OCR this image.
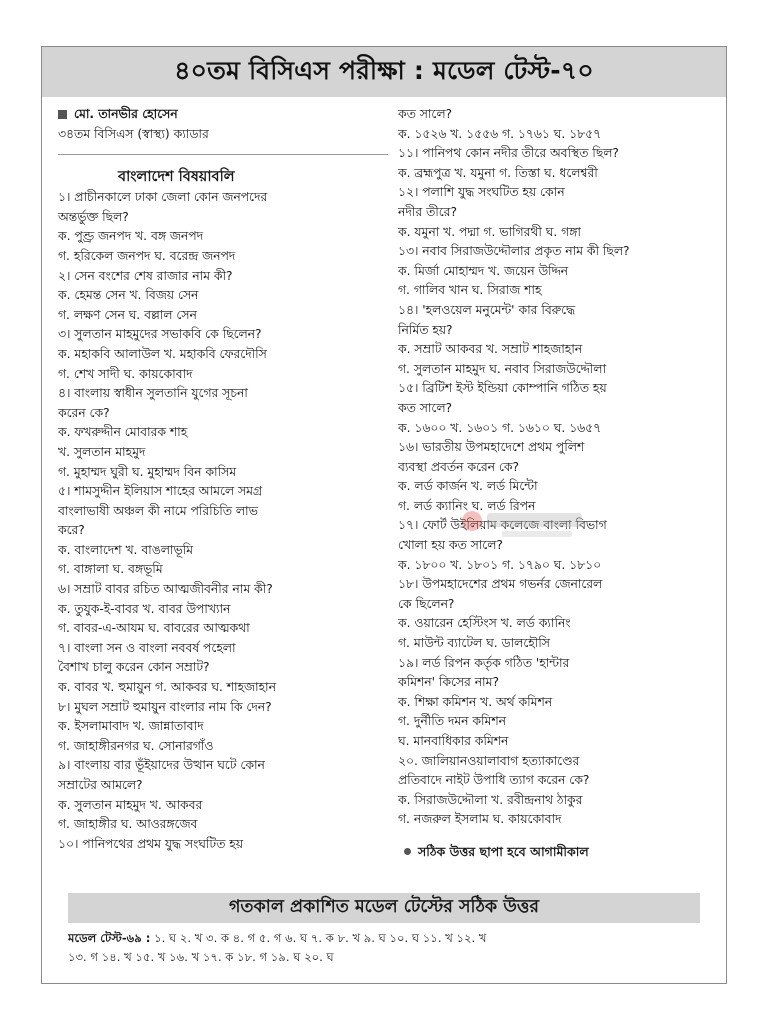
৪০তম বিসিএস পরীক্ষা : মডেল টেস্ট-৭০
মো. তানভীর হোসেন
৩৪তম বিসিএস (স্বাস্থ্য) ক্যাডার
বাংলাদেশ বিষয়াবলি
১। প্রাচীনকালে ঢাকা জেলা কোন জনপদের
অন্তর্ভুক্ত ছিল?
ক. পুণ্ড্র জনপদ খ. বঙ্গ জনপদ
গ. হরিকেল জনপদ ঘ. বরেন্দ্র জনপদ
২। সেন বংশের শেষ রাজার নাম কী?
ক. হেমন্ত সেন খ. বিজয় সেন
গ. লক্ষণ সেন ঘ. বল্লাল সেন
৩। সুলতান মাহমুদের সভাকবি কে ছিলেন?
ক. মহাকবি আলাউল খ. মহাকবি ফেরদৌসি
গ. শেখ সাদী ঘ. কায়কোবাদ
৪। বাংলায় স্বাধীন সুলতানি যুগের সূচনা
করেন কে?
ক. ফখরুদ্দীন মোবারক শাহ
খ. সুলতান মাহমুদ
গ. মুহাম্মদ ঘুরী ঘ. মুহাম্মদ বিন কাসিম
৫। শামসুদ্দীন ইলিয়াস শাহের আমলে সমগ্র
বাংলাভাষী অঞ্চল কী নামে পরিচিতি লাভ
করে?
ক. বাংলাদেশ খ. বাঙলাভূমি
গ. বাঙ্গালা ঘ. বঙ্গভূমি
৬। সম্রাট বাবর রচিত আত্মজীবনীর নাম কী?
ক. তুযুক-ই-বাবর খ. বাবর উপাখ্যান
গ. বাবর-এ-আযম ঘ. বাবরের আত্মকথা
৭। বাংলা সন ও বাংলা নববর্ষ পহেলা
বৈশাখ চালু করেন কোন সম্রাট?
ক. বাবর খ. হুমায়ুন গ. আকবর ঘ. শাহজাহান
৮। মুঘল সম্রাট হুমায়ুন বাংলার নাম কি দেন?
ক. ইসলামাবাদ খ. জান্নাতাবাদ
গ. জাহাঙ্গীরনগর ঘ. সোনারগাঁও
৯। বাংলায় বার ভূঁইয়াদের উত্থান ঘটে কোন
সম্রাটের আমলে?
ক. সুলতান মাহমুদ খ. আকবর
গ. জাহাঙ্গীর ঘ. আওরঙ্গজেব
১০। পানিপথের প্রথম যুদ্ধ সংঘটিত হয়
কত সালে?
ক. ১৫২৬ খ. ১৫৫৬ গ. ১৭৬১ ঘ. ১৮৫৭
১১। পানিপথ কোন নদীর তীরে অবস্থিত ছিল?
ক. ব্রহ্মপুত্র খ. যমুনা গ. তিস্তা ঘ. ধলেশ্বরী
১২। পলাশি যুদ্ধ সংঘটিত হয় কোন
নদীর তীরে?
ক. যমুনা খ. পদ্মা গ. ভাগিরথী ঘ. গঙ্গা
১৩। নবাব সিরাজউদ্দৌলার প্রকৃত নাম কী ছিল?
ক. মির্জা মোহাম্মদ খ. জয়েন উদ্দিন
গ. গালিব খান ঘ. সিরাজ শাহ
১৪। 'হলওয়েল মনুমেন্ট' কার বিরুদ্ধে
নির্মিত হয়?
ক. সম্রাট আকবর খ. সম্রাট শাহজাহান
গ. সুলতান মাহমুদ ঘ. নবাব সিরাজউদ্দৌলা
১৫। ব্রিটিশ ইস্ট ইন্ডিয়া কোম্পানি গঠিত হয়
কত সালে?
ক. ১৬০০ খ. ১৬০১ গ. ১৬১০ ঘ. ১৬৫৭
১৬। ভারতীয় উপমহাদেশে প্রথম পুলিশ
ব্যবস্থা প্রবর্তন করেন কে?
ক. লর্ড কার্জন খ. লর্ড মিন্টো
গ. লর্ড ক্যানিং ঘ. লর্ড রিপন
১৭। ফোর্ট উইলিয়াম কলেজে বাংলা বিভাগ
খোলা হয় কত সালে?
ক. ১৮০০ খ. ১৮০১ গ. ১৭৯০ ঘ. ১৮১০
১৮। উপমহাদেশের প্রথম গভর্নর জেনারেল
কে ছিলেন?
ক. ওয়ারেন হেস্টিংস খ. লর্ড ক্যানিং
গ. মাউন্ট ব্যাটেল ঘ. ডালহৌসি
১৯। লর্ড রিপন কর্তৃক গঠিত 'হান্টার
কমিশন' কিসের নাম?
ক. শিক্ষা কমিশন খ. অর্থ কমিশন
গ. দুর্নীতি দমন কমিশন
ঘ. মানবাধিকার কমিশন
২০. জালিয়ানওয়ালাবাগ হত্যাকাণ্ডের
প্রতিবাদে নাইট উপাধি ত্যাগ করেন কে?
ক. সিরাজউদ্দৌলা খ. রবীন্দ্রনাথ ঠাকুর
গ. নজরুল ইসলাম ঘ. কায়কোবাদ
সঠিক উত্তর ছাপা হবে আগামীকাল
গতকাল প্রকাশিত মডেল টেস্টের সঠিক উত্তর
মডেল টেস্ট-৬৯ : ১. ঘ ২. খ ৩. ক ৪. গ ৫. গ ৬. ঘ ৭. ক ৮. খ ৯. ঘ ১০. ঘ ১১. খ ১২. খ
১৩. গ ১৪. খ ১৫. খ ১৬. খ ১৭. ক ১৮. গ ১৯. ঘ ২০. ঘ
